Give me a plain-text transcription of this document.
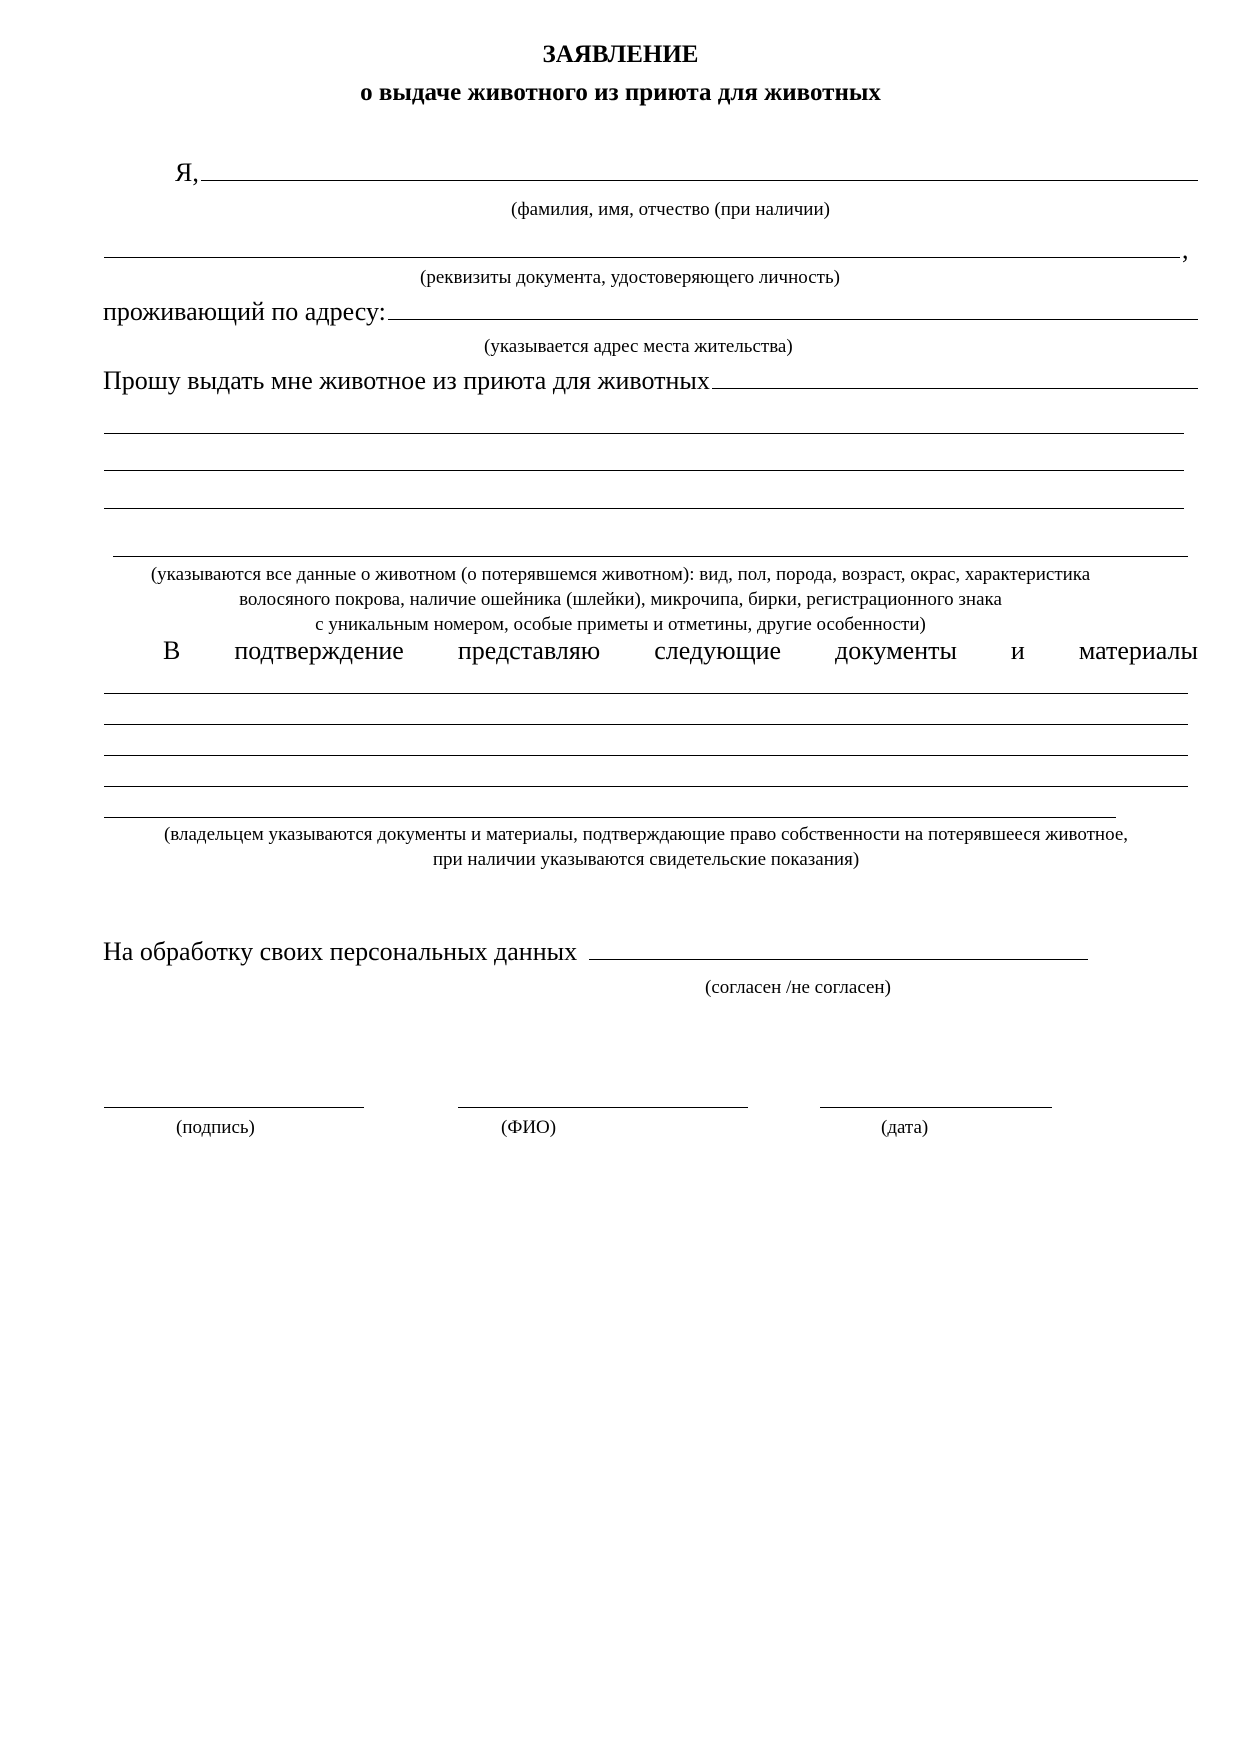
ЗАЯВЛЕНИЕ
о выдаче животного из приюта для животных
Я,
(фамилия, имя, отчество (при наличии)
,
(реквизиты документа, удостоверяющего личность)
проживающий по адресу:
(указывается адрес места жительства)
Прошу выдать мне животное из приюта для животных
(указываются все данные о животном (о потерявшемся животном): вид, пол, порода, возраст, окрас, характеристика
волосяного покрова, наличие ошейника (шлейки), микрочипа, бирки, регистрационного знака
с уникальным номером, особые приметы и отметины, другие особенности)
В подтверждение представляю следующие документы и материалы
(владельцем указываются документы и материалы, подтверждающие право собственности на потерявшееся животное,
при наличии указываются свидетельские показания)
На обработку своих персональных данных
(согласен /не согласен)
(подпись)	(ФИО)	(дата)
